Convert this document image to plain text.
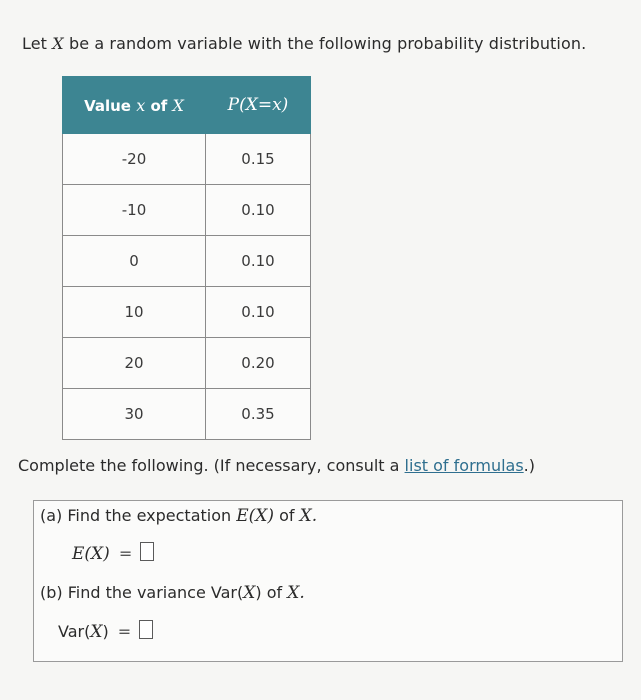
Let X be a random variable with the following probability distribution.
Value x of X	P(X=x)
-20	0.15
-10	0.10
0	0.10
10	0.10
20	0.20
30	0.35
Complete the following. (If necessary, consult a list of formulas.)
(a) Find the expectation E(X) of X.
E(X) =
(b) Find the variance Var(X) of X.
Var(X) =
